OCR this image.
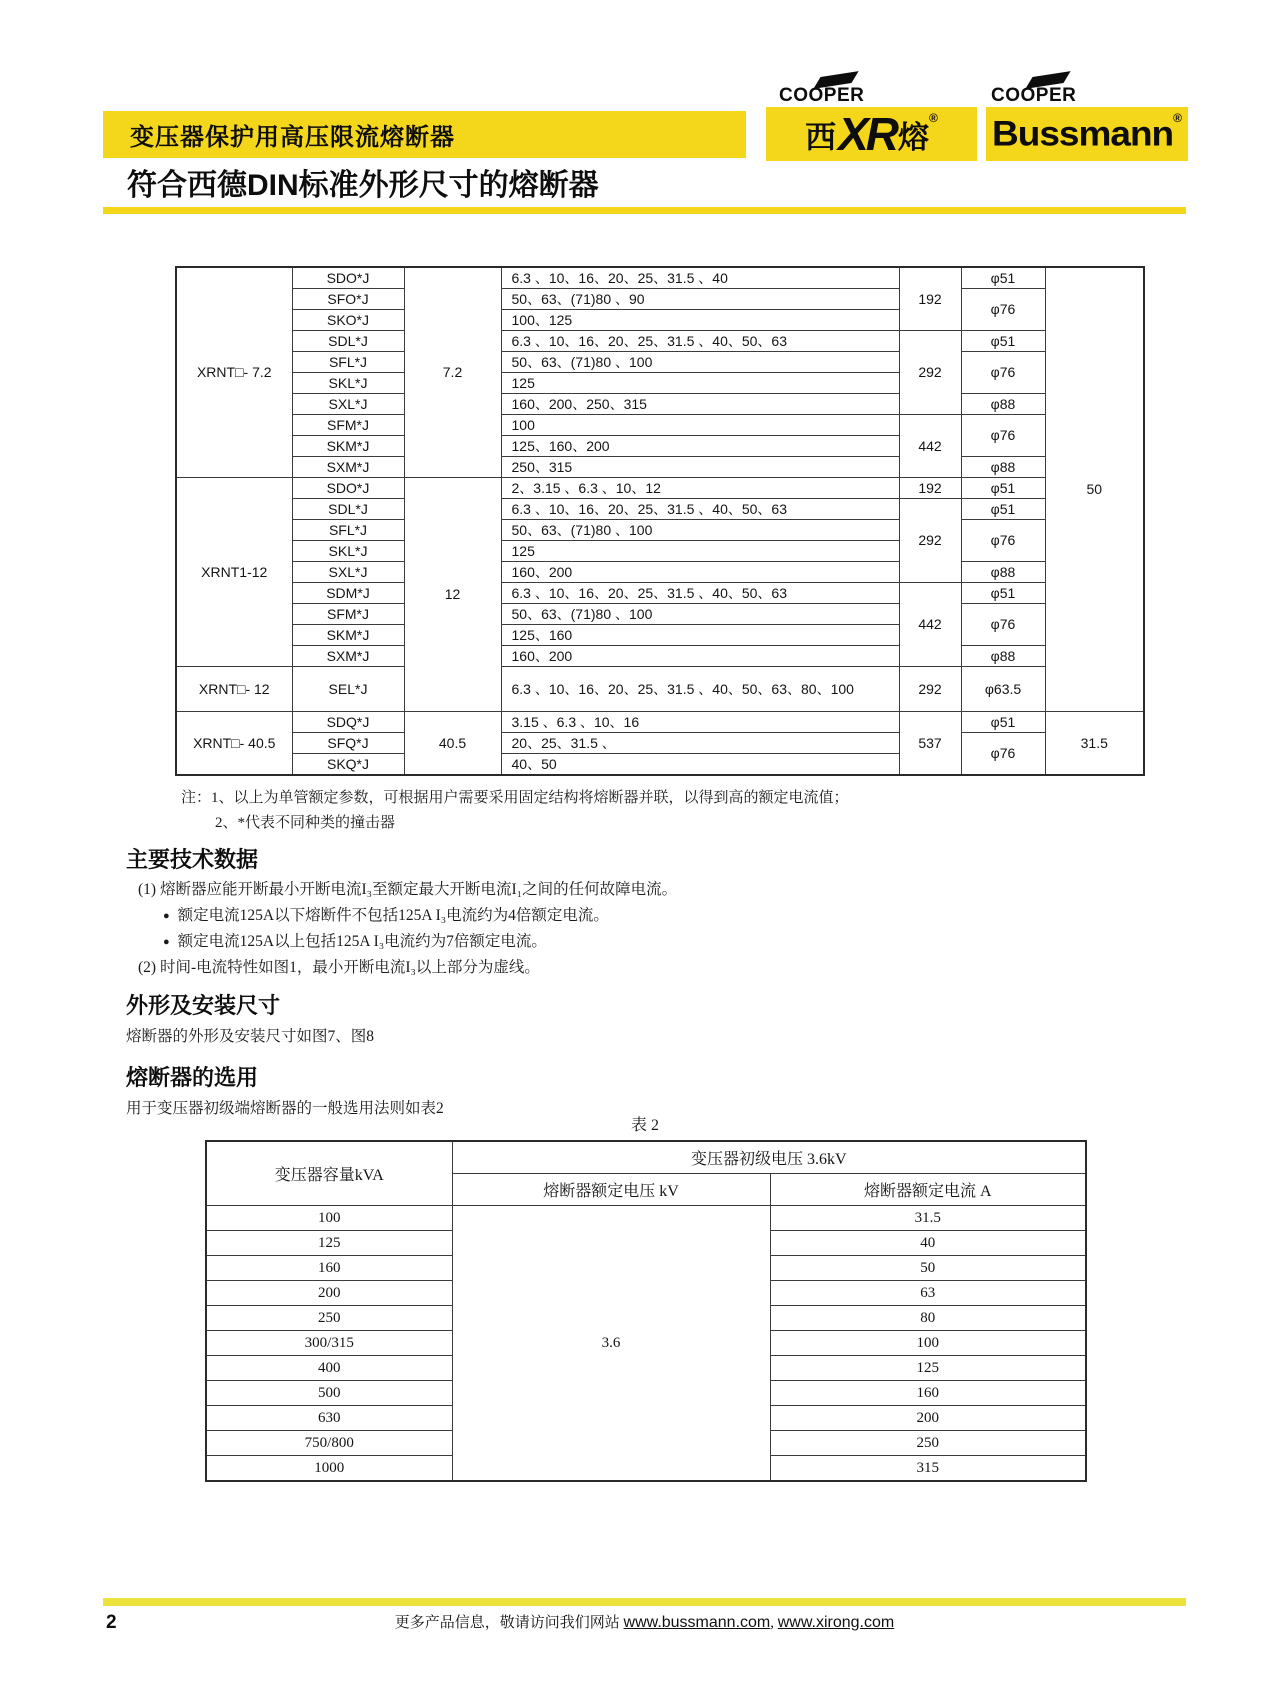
变压器保护用高压限流熔断器
COOPER
西 XR 熔
®
COOPER
Bussmann ®
符合西德DIN标准外形尺寸的熔断器
XRNT□- 7.2	SDO*J	7.2	6.3 、10、16、20、25、31.5 、40	192	φ51	50
	SFO*J		50、63、(71)80 、90		φ76	
	SKO*J		100、125			
	SDL*J		6.3 、10、16、20、25、31.5 、40、50、63	292	φ51	
	SFL*J		50、63、(71)80 、100		φ76	
	SKL*J		125			
	SXL*J		160、200、250、315		φ88	
	SFM*J		100	442	φ76	
	SKM*J		125、160、200			
	SXM*J		250、315		φ88	
XRNT1-12	SDO*J	12	2、3.15 、6.3 、10、12	192	φ51	
	SDL*J		6.3 、10、16、20、25、31.5 、40、50、63	292	φ51	
	SFL*J		50、63、(71)80 、100		φ76	
	SKL*J		125			
	SXL*J		160、200		φ88	
	SDM*J		6.3 、10、16、20、25、31.5 、40、50、63	442	φ51	
	SFM*J		50、63、(71)80 、100		φ76	
	SKM*J		125、160			
	SXM*J		160、200		φ88	
XRNT□- 12	SEL*J		6.3 、10、16、20、25、31.5 、40、50、63、80、100	292	φ63.5	
XRNT□- 40.5	SDQ*J	40.5	3.15 、6.3 、10、16	537	φ51	31.5
	SFQ*J		20、25、31.5 、		φ76	
	SKQ*J		40、50			
注：1、以上为单管额定参数，可根据用户需要采用固定结构将熔断器并联，以得到高的额定电流值；
2、*代表不同种类的撞击器
主要技术数据
(1) 熔断器应能开断最小开断电流I₃至额定最大开断电流I₁之间的任何故障电流。
● 额定电流125A以下熔断件不包括125A I₃电流约为4倍额定电流。
● 额定电流125A以上包括125A I₃电流约为7倍额定电流。
(2) 时间-电流特性如图1，最小开断电流I₃以上部分为虚线。
外形及安装尺寸
熔断器的外形及安装尺寸如图7、图8
熔断器的选用
用于变压器初级端熔断器的一般选用法则如表2
表 2
变压器容量kVA	变压器初级电压 3.6kV	
	熔断器额定电压 kV	熔断器额定电流 A
100	3.6	31.5
125		40
160		50
200		63
250		80
300/315		100
400		125
500		160
630		200
750/800		250
1000		315
2	更多产品信息，敬请访问我们网站 www.bussmann.com, www.xirong.com
